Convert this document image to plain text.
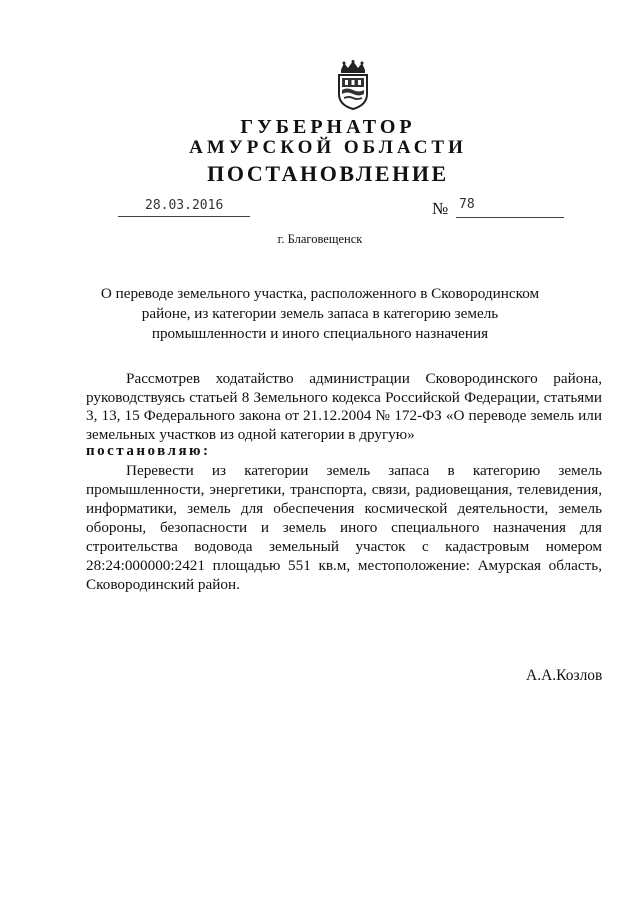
ГУБЕРНАТОР
АМУРСКОЙ ОБЛАСТИ
ПОСТАНОВЛЕНИЕ
28.03.2016	№ 78
г. Благовещенск
О переводе земельного участка, расположенного в Сковородинском районе, из категории земель запаса в категорию земель промышленности и иного специального назначения
Рассмотрев ходатайство администрации Сковородинского района, руководствуясь статьей 8 Земельного кодекса Российской Федерации, статьями 3, 13, 15 Федерального закона от 21.12.2004 № 172-ФЗ «О переводе земель или земельных участков из одной категории в другую»
постановляю:
Перевести из категории земель запаса в категорию земель промышленности, энергетики, транспорта, связи, радиовещания, телевидения, информатики, земель для обеспечения космической деятельности, земель обороны, безопасности и земель иного специального назначения для строительства водовода земельный участок с кадастровым номером 28:24:000000:2421 площадью 551 кв.м, местоположение: Амурская область, Сковородинский район.
А.А.Козлов
